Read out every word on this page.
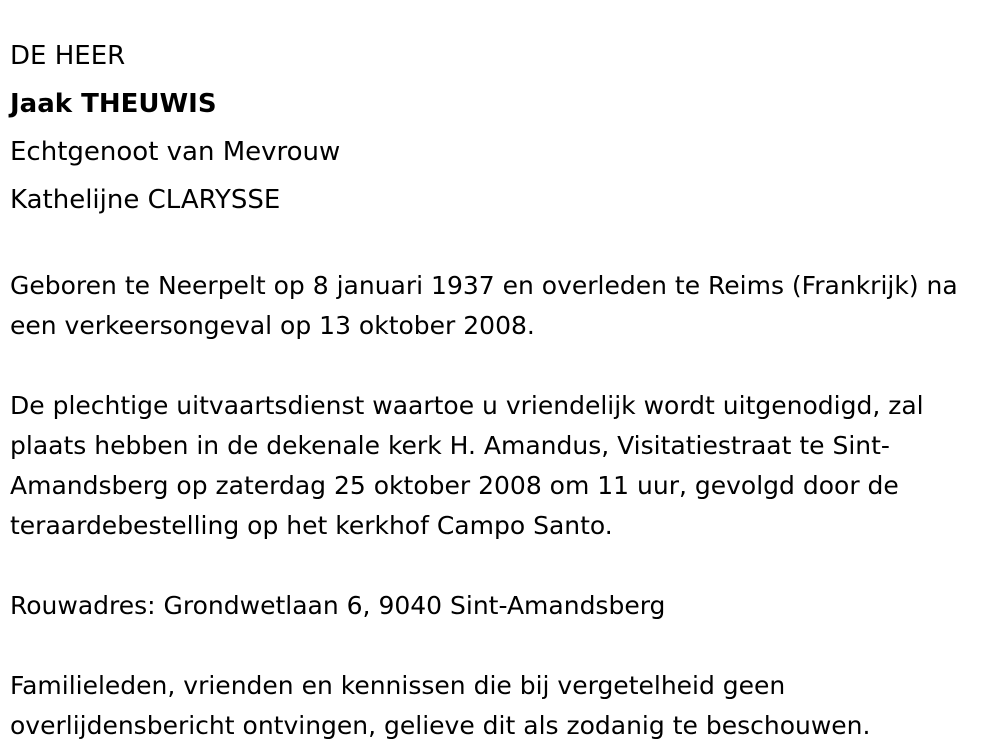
DE HEER
Jaak THEUWIS
Echtgenoot van Mevrouw
Kathelijne CLARYSSE

Geboren te Neerpelt op 8 januari 1937 en overleden te Reims (Frankrijk) na een verkeersongeval op 13 oktober 2008.

De plechtige uitvaartsdienst waartoe u vriendelijk wordt uitgenodigd, zal plaats hebben in de dekenale kerk H. Amandus, Visitatiestraat te Sint-Amandsberg op zaterdag 25 oktober 2008 om 11 uur, gevolgd door de teraardebestelling op het kerkhof Campo Santo.

Rouwadres: Grondwetlaan 6, 9040 Sint-Amandsberg

Familieleden, vrienden en kennissen die bij vergetelheid geen overlijdensbericht ontvingen, gelieve dit als zodanig te beschouwen.
